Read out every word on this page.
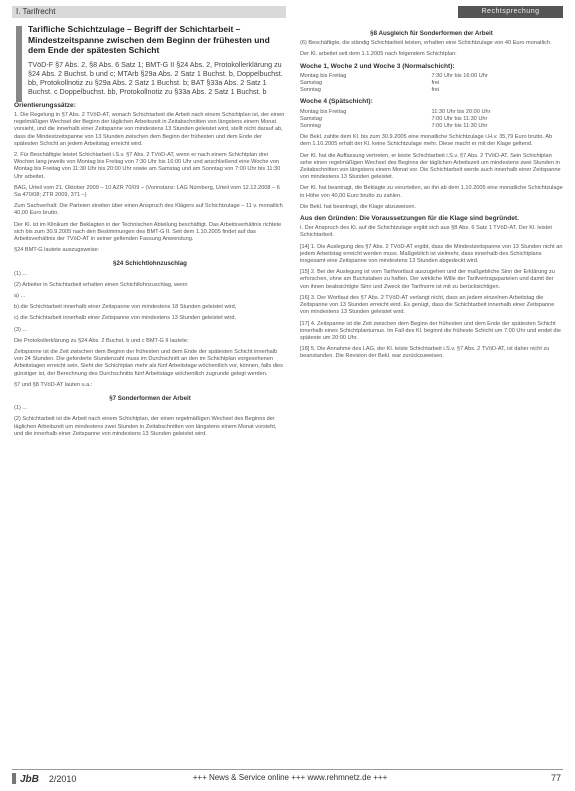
I. Tarifrecht	Rechtsprechung
Tarifliche Schichtzulage – Begriff der Schichtarbeit – Mindestzeitspanne zwischen dem Beginn der frühesten und dem Ende der spätesten Schicht
TVöD-F §7 Abs. 2, §8 Abs. 6 Satz 1; BMT-G II §24 Abs. 2, Protokollerklärung zu §24 Abs. 2 Buchst. b und c; MTArb §29a Abs. 2 Satz 1 Buchst. b, Doppelbuchst. bb, Protokollnotiz zu §29a Abs. 2 Satz 1 Buchst. b; BAT §33a Abs. 2 Satz 1 Buchst. c Doppelbuchst. bb, Protokollnotiz zu §33a Abs. 2 Satz 1 Buchst. b
Orientierungssätze:

1. Die Regelung in §7 Abs. 2 TVöD-AT, wonach Schichtarbeit die Arbeit nach einem Schichtplan ist, der einen regelmäßigen Wechsel der Beginn der täglichen Arbeitszeit in Zeitabschnitten von längstens einem Monat vorsieht, und die innerhalb einer Zeitspanne von mindestens 13 Stunden geleistet wird, stellt nicht darauf ab, dass die Mindestzeitspanne von 13 Stunden zwischen dem Beginn der frühesten und dem Ende der spätesten Schicht an jedem Arbeitstag erreicht wird.

2. Für Beschäftigte leistet Schichtarbeit i.S.v. §7 Abs. 2 TVöD-AT, wenn er nach einem Schichtplan drei Wochen lang jeweils von Montag bis Freitag von 7:30 Uhr bis 16:00 Uhr und anschließend eine Woche von Montag bis Freitag von 11:30 Uhr bis 20:00 Uhr sowie am Samstag und am Sonntag von 7:00 Uhr bis 11:30 Uhr arbeitet.

BAG, Urteil vom 21. Oktober 2009 – 10 AZR 70/09 – (Vorinstanz: LAG Nürnberg, Urteil vom 12.12.2008 – 6 Sa 470/08; ZTR 2009, 371 –)

Zum Sachverhalt: Die Parteien streiten über einen Anspruch des Klägers auf Schichtzulage – 11 v. monatlich 40,00 Euro brutto.

Der Kl. ist im Klinikum der Beklagten in der Technischen Abteilung beschäftigt. Das Arbeitsverhältnis richtete sich bis zum 30.9.2005 nach den Bestimmungen des BMT-G II. Seit dem 1.10.2005 findet auf das Arbeitsverhältnis der TVöD-AT in seiner geltenden Fassung Anwendung.

§24 BMT-G lautete auszugsweise:

§24 Schichtlohnzuschlag

(1) ...

(2) Arbeiter in Schichtarbeit erhalten einen Schichtlohnzuschlag, wenn

a) ...

b) die Schichtarbeit innerhalb einer Zeitspanne von mindestens 18 Stunden geleistet wird,

c) die Schichtarbeit innerhalb einer Zeitspanne von mindestens 13 Stunden geleistet wird.

(3) ...

Die Protokollerklärung zu §24 Abs. 2 Buchst. b und c BMT-G II lautete:

Zeitspanne ist die Zeit zwischen dem Beginn der frühesten und dem Ende der spätesten Schicht innerhalb von 24 Stunden. Die geforderte Stundenzahl muss im Durchschnitt an den im Schichtplan vorgesehenen Arbeitstagen erreicht sein. Sieht der Schichtplan mehr als fünf Arbeitstage wöchentlich vor, können, falls dies günstiger ist, der Berechnung des Durchschnitts fünf Arbeitstage wöchentlich zugrunde gelegt werden.

§7 und §8 TVöD-AT lauten u.a.:

§7 Sonderformen der Arbeit

(1) ...

(2) Schichtarbeit ist die Arbeit nach einem Schichtplan, der einen regelmäßigen Wechsel des Beginns der täglichen Arbeitszeit um mindestens zwei Stunden in Zeitabschnitten von längstens einem Monat vorsieht, und die innerhalb einer Zeitspanne von mindestens 13 Stunden geleistet wird.

§8 Ausgleich für Sonderformen der Arbeit

(6) Beschäftigte, die ständig Schichtarbeit leisten, erhalten eine Schichtzulage von 40 Euro monatlich.

Der Kl. arbeitet seit dem 1.1.2005 nach folgendem Schichtplan:

Woche 1, Woche 2 und Woche 3 (Normalschicht):
Montag bis Freitag	7:30 Uhr bis 16:00 Uhr
Samstag	frei
Sonntag	frei
Woche 4 (Spätschicht):
Montag bis Freitag	11:30 Uhr bis 20:00 Uhr
Samstag	7:00 Uhr bis 11:30 Uhr
Sonntag	7:00 Uhr bis 11:30 Uhr

Die Bekl. zahlte dem Kl. bis zum 30.9.2005 eine monatliche Schichtzulage i.H.v. 35,79 Euro brutto. Ab dem 1.10.2005 erhält der Kl. keine Schichtzulage mehr. Diese macht er mit der Klage geltend.

Der Kl. hat die Auffassung vertreten, er leiste Schichtarbeit i.S.v. §7 Abs. 2 TVöD-AT. Sein Schichtplan sehe einen regelmäßigen Wechsel des Beginns der täglichen Arbeitszeit um mindestens zwei Stunden in Zeitabschnitten von längstens einem Monat vor. Die Schichtarbeit werde auch innerhalb einer Zeitspanne von mindestens 13 Stunden geleistet.

Der Kl. hat beantragt, die Beklagte zu verurteilen, an ihn ab dem 1.10.2005 eine monatliche Schichtzulage in Höhe von 40,00 Euro brutto zu zahlen.

Die Bekl. hat beantragt, die Klage abzuweisen.

Aus den Gründen: Die Voraussetzungen für die Klage sind begründet.

I. Der Anspruch des Kl. auf die Schichtzulage ergibt sich aus §8 Abs. 6 Satz 1 TVöD-AT. Der Kl. leistet Schichtarbeit.

[14] 1. Die Auslegung des §7 Abs. 2 TVöD-AT ergibt, dass die Mindestzeitspanne von 13 Stunden nicht an jedem Arbeitstag erreicht werden muss. Maßgeblich ist vielmehr, dass innerhalb des Schichtplans insgesamt eine Zeitspanne von mindestens 13 Stunden abgedeckt wird.

[15] 2. Bei der Auslegung ist vom Tarifwortlaut auszugehen und der maßgebliche Sinn der Erklärung zu erforschen, ohne am Buchstaben zu haften. Der wirkliche Wille der Tarifvertragsparteien und damit der von ihnen beabsichtigte Sinn und Zweck der Tarifnorm ist mit zu berücksichtigen.

[16] 3. Der Wortlaut des §7 Abs. 2 TVöD-AT verlangt nicht, dass an jedem einzelnen Arbeitstag die Zeitspanne von 13 Stunden erreicht wird. Es genügt, dass die Schichtarbeit innerhalb einer Zeitspanne von mindestens 13 Stunden geleistet wird.

[17] 4. Zeitspanne ist die Zeit zwischen dem Beginn der frühesten und dem Ende der spätesten Schicht innerhalb eines Schichtplanturnus. Im Fall des Kl. beginnt die früheste Schicht um 7:00 Uhr und endet die späteste um 20:00 Uhr.

[18] 5. Die Annahme des LAG, der Kl. leiste Schichtarbeit i.S.v. §7 Abs. 2 TVöD-AT, ist daher nicht zu beanstanden. Die Revision der Bekl. war zurückzuweisen.

JbB 2/2010	+++ News & Service online +++ www.rehmnetz.de +++	77
